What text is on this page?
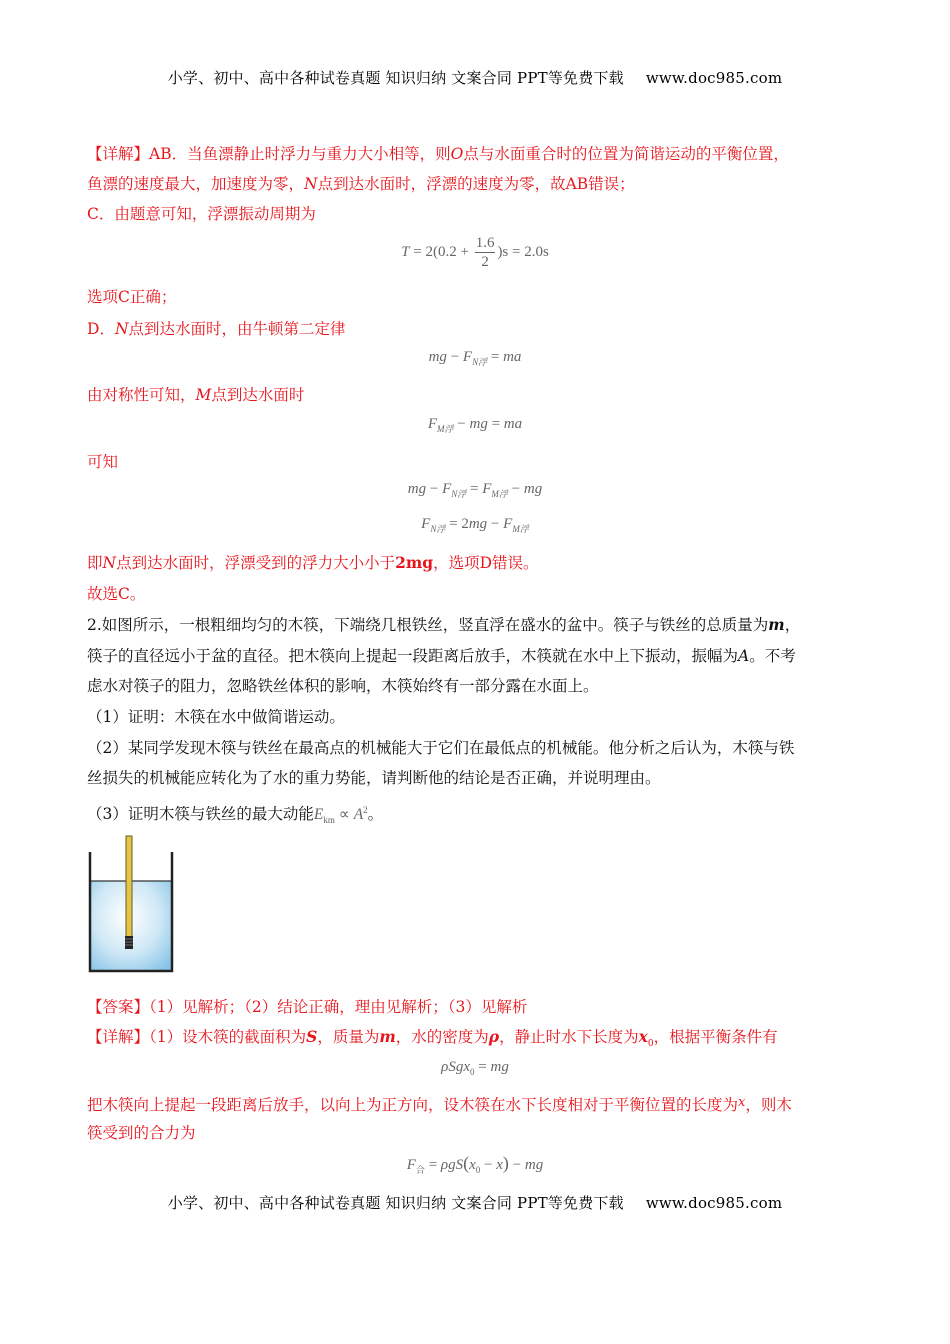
小学、初中、高中各种试卷真题 知识归纳 文案合同 PPT等免费下载 www.doc985.com
【详解】AB．当鱼漂静止时浮力与重力大小相等，则O点与水面重合时的位置为简谐运动的平衡位置，
鱼漂的速度最大，加速度为零，N点到达水面时，浮漂的速度为零，故AB错误；
C．由题意可知，浮漂振动周期为
$T = 2(0.2 + \frac{1.6}{2} )s = 2.0s$
选项C正确；
D．N点到达水面时，由牛顿第二定律
mg − $F_{N浮}$ = ma
由对称性可知，M点到达水面时
$F_{M浮}$ − mg = ma
可知
mg − $F_{N浮} = F_{M浮}$ − mg
$F_{N浮} = 2mg - F_{M浮}$
即N点到达水面时，浮漂受到的浮力大小小于2mg，选项D错误。
故选C。
2.如图所示，一根粗细均匀的木筷，下端绕几根铁丝，竖直浮在盛水的盆中。筷子与铁丝的总质量为m，
筷子的直径远小于盆的直径。把木筷向上提起一段距离后放手，木筷就在水中上下振动，振幅为A。不考
虑水对筷子的阻力，忽略铁丝体积的影响，木筷始终有一部分露在水面上。
（1）证明：木筷在水中做简谐运动。
（2）某同学发现木筷与铁丝在最高点的机械能大于它们在最低点的机械能。他分析之后认为，木筷与铁
丝损失的机械能应转化为了水的重力势能，请判断他的结论是否正确，并说明理由。
（3）证明木筷与铁丝的最大动能$E_{km} \propto A^2$。
【答案】（1）见解析；（2）结论正确，理由见解析；（3）见解析
【详解】（1）设木筷的截面积为S，质量为m，水的密度为ρ，静止时水下长度为$x_0$，根据平衡条件有
ρSgx$_0$ = mg
把木筷向上提起一段距离后放手，以向上为正方向，设木筷在水下长度相对于平衡位置的长度为$^x$，则木
筷受到的合力为
$F_合 = \rho gS(x_0 - x)$ − mg
小学、初中、高中各种试卷真题 知识归纳 文案合同 PPT等免费下载 www.doc985.com
